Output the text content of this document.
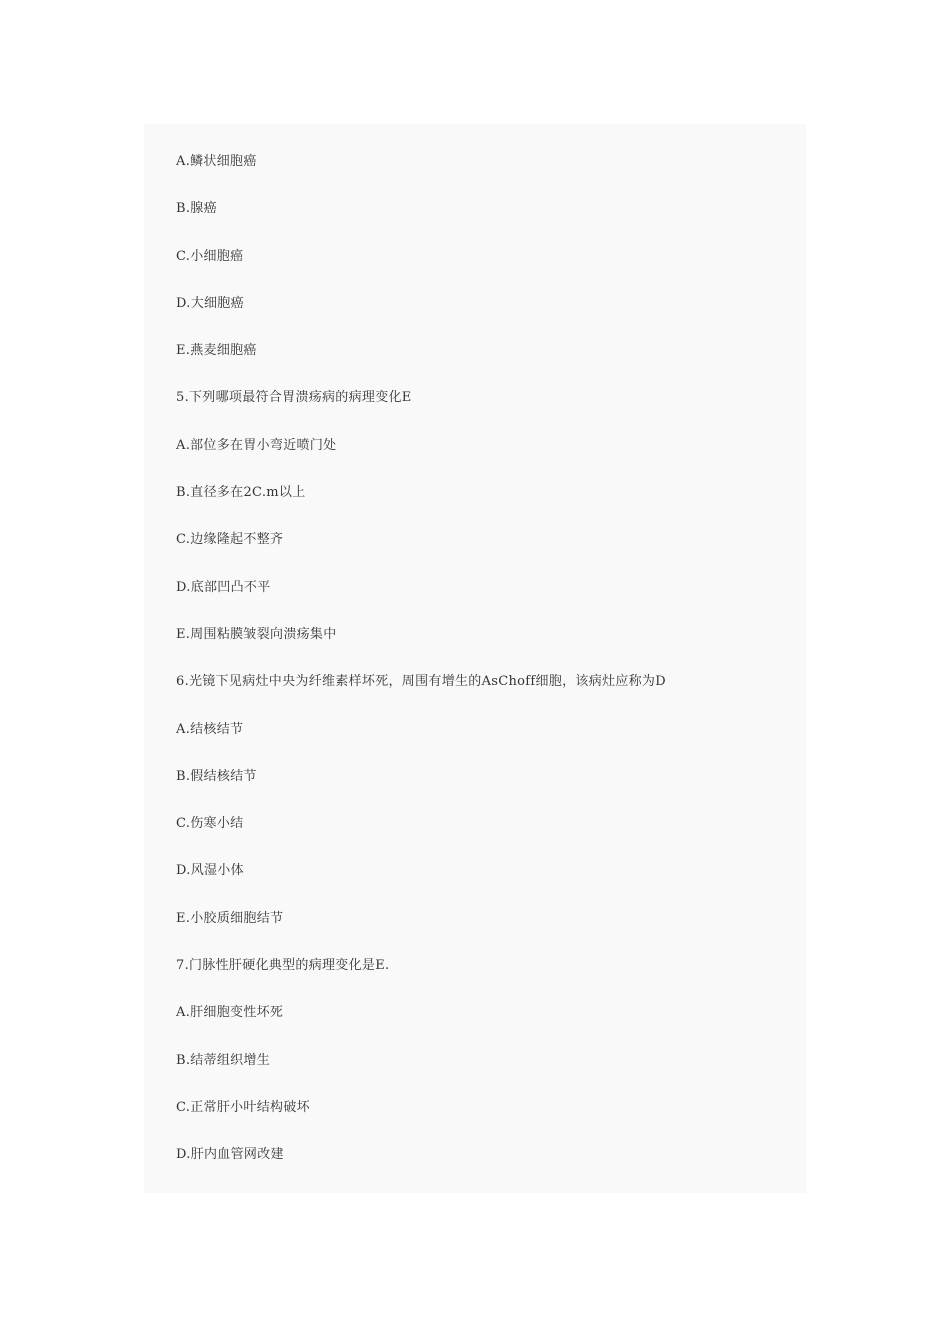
A.鳞状细胞癌
B.腺癌
C.小细胞癌
D.大细胞癌
E.燕麦细胞癌
5.下列哪项最符合胃溃疡病的病理变化E
A.部位多在胃小弯近喷门处
B.直径多在2C.m以上
C.边缘隆起不整齐
D.底部凹凸不平
E.周围粘膜皱裂向溃疡集中
6.光镜下见病灶中央为纤维素样坏死，周围有增生的AsChoff细胞，该病灶应称为D
A.结核结节
B.假结核结节
C.伤寒小结
D.风湿小体
E.小胶质细胞结节
7.门脉性肝硬化典型的病理变化是E.
A.肝细胞变性坏死
B.结蒂组织增生
C.正常肝小叶结构破坏
D.肝内血管网改建
